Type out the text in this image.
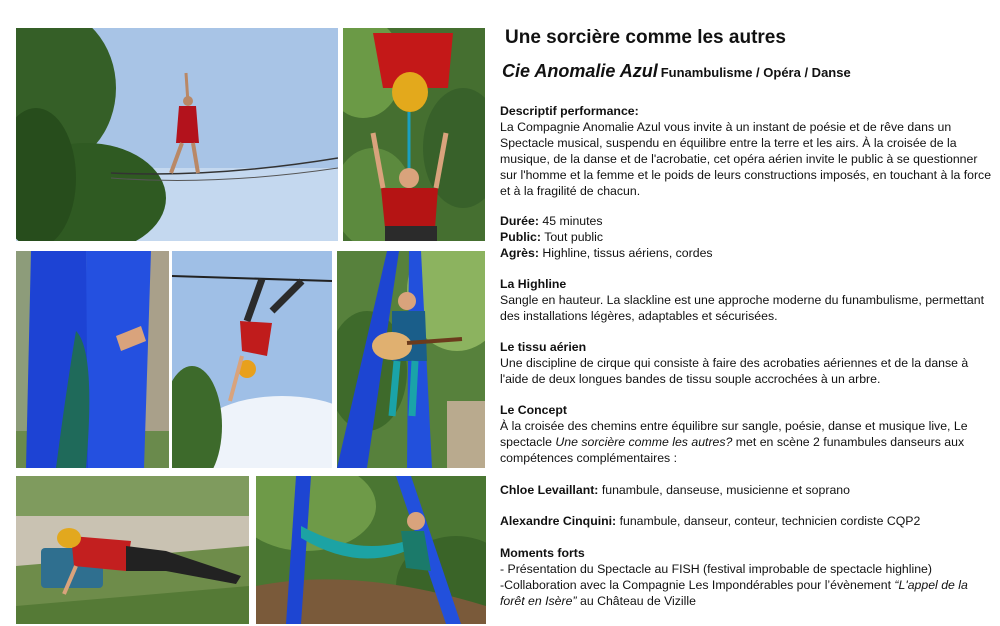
Une sorcière comme les autres
Cie Anomalie Azul Funambulisme / Opéra / Danse
Descriptif performance:
La Compagnie Anomalie Azul vous invite à un instant de poésie et de rêve dans un Spectacle musical, suspendu en équilibre entre la terre et les airs. À la croisée de la musique, de la danse et de l'acrobatie, cet opéra aérien invite le public à se questionner sur l'homme et la femme et le poids de leurs constructions imposés, en touchant à la force et à la fragilité de chacun.
Durée: 45 minutes
Public: Tout public
Agrès: Highline, tissus aériens, cordes
La Highline
Sangle en hauteur. La slackline est une approche moderne du funambulisme, permettant des installations légères, adaptables et sécurisées.
Le tissu aérien
Une discipline de cirque qui consiste à faire des acrobaties aériennes et de la danse à l'aide de deux longues bandes de tissu souple accrochées à un arbre.
Le Concept
À la croisée des chemins entre équilibre sur sangle, poésie, danse et musique live, Le spectacle Une sorcière comme les autres? met en scène 2 funambules danseurs aux compétences complémentaires :
Chloe Levaillant: funambule, danseuse, musicienne et soprano
Alexandre Cinquini: funambule, danseur, conteur, technicien cordiste CQP2
Moments forts
- Présentation du Spectacle au FISH (festival improbable de spectacle highline)
-Collaboration avec la Compagnie Les Impondérables pour l’évènement “L'appel de la forêt en Isère” au Château de Vizille
